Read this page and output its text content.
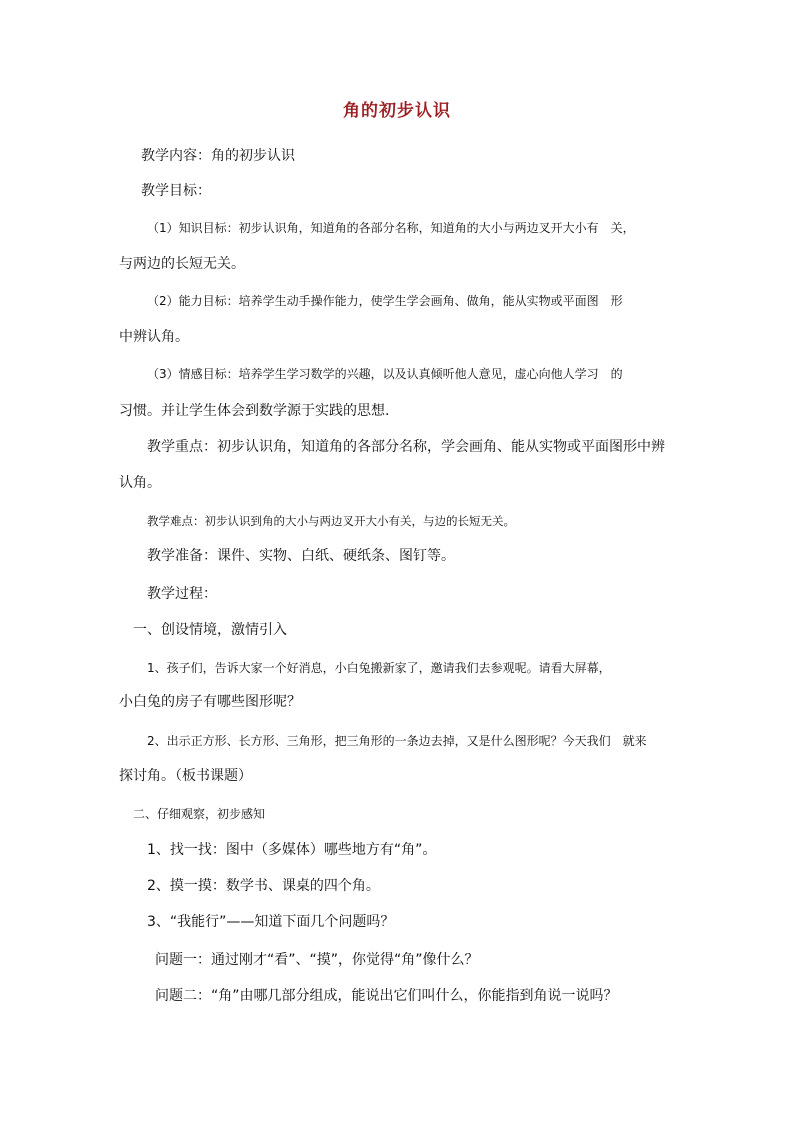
角的初步认识
教学内容：角的初步认识
教学目标：
（1）知识目标：初步认识角，知道角的各部分名称，知道角的大小与两边叉开大小有　关，
与两边的长短无关。
（2）能力目标：培养学生动手操作能力，使学生学会画角、做角，能从实物或平面图　形
中辨认角。
（3）情感目标：培养学生学习数学的兴趣，以及认真倾听他人意见，虚心向他人学习　的
习惯。并让学生体会到数学源于实践的思想.
教学重点：初步认识角，知道角的各部分名称，学会画角、能从实物或平面图形中辨
认角。
教学难点：初步认识到角的大小与两边叉开大小有关，与边的长短无关。
教学准备：课件、实物、白纸、硬纸条、图钉等。
教学过程：
一、创设情境，激情引入
1、孩子们，告诉大家一个好消息，小白兔搬新家了，邀请我们去参观呢。请看大屏幕，
小白兔的房子有哪些图形呢？
2、出示正方形、长方形、三角形，把三角形的一条边去掉，又是什么图形呢？今天我们　就来
探讨角。（板书课题）
二、仔细观察，初步感知
1、找一找：图中（多媒体）哪些地方有“角”。
2、摸一摸：数学书、课桌的四个角。
3、“我能行”——知道下面几个问题吗？
问题一：通过刚才“看”、“摸”，你觉得“角”像什么？
问题二：“角”由哪几部分组成，能说出它们叫什么，你能指到角说一说吗？
